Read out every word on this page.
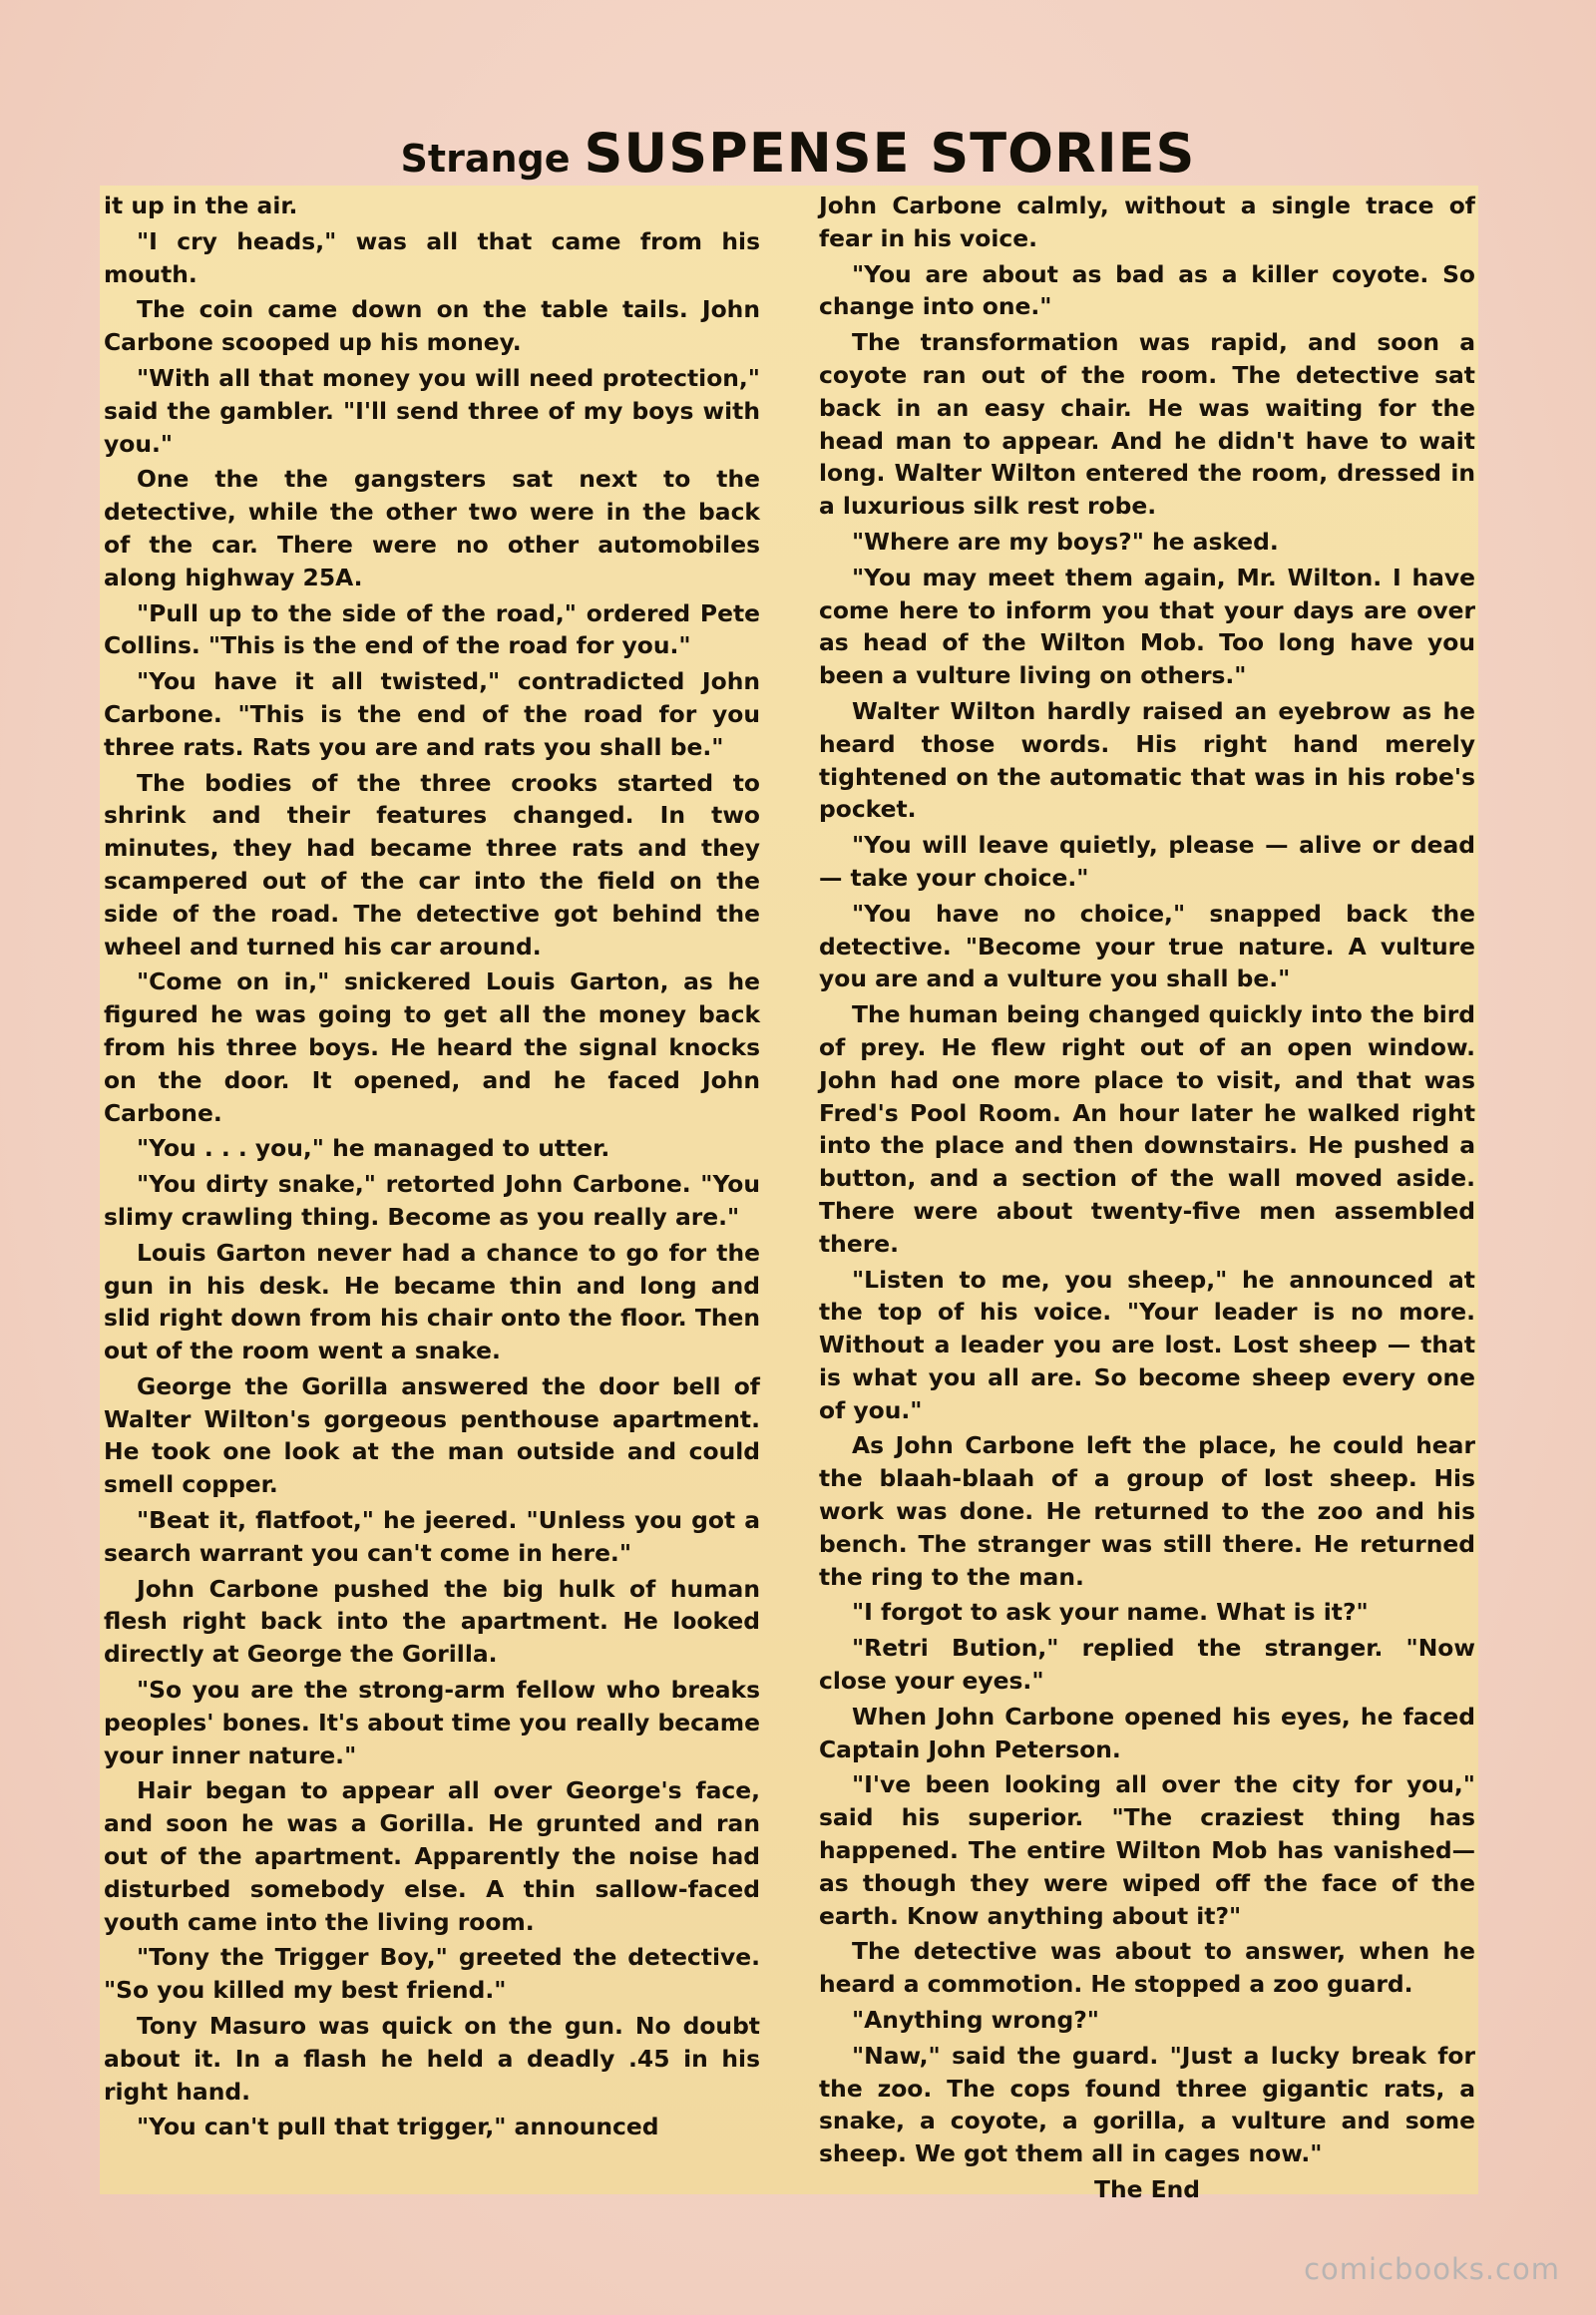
Strange SUSPENSE STORIES

it up in the air.

"I cry heads," was all that came from his mouth.

The coin came down on the table tails. John Carbone scooped up his money.

"With all that money you will need protection," said the gambler. "I'll send three of my boys with you."

One the the gangsters sat next to the detective, while the other two were in the back of the car. There were no other automobiles along highway 25A.

"Pull up to the side of the road," ordered Pete Collins. "This is the end of the road for you."

"You have it all twisted," contradicted John Carbone. "This is the end of the road for you three rats. Rats you are and rats you shall be."

The bodies of the three crooks started to shrink and their features changed. In two minutes, they had became three rats and they scampered out of the car into the field on the side of the road. The detective got behind the wheel and turned his car around.

"Come on in," snickered Louis Garton, as he figured he was going to get all the money back from his three boys. He heard the signal knocks on the door. It opened, and he faced John Carbone.

"You . . . you," he managed to utter.

"You dirty snake," retorted John Carbone. "You slimy crawling thing. Become as you really are."

Louis Garton never had a chance to go for the gun in his desk. He became thin and long and slid right down from his chair onto the floor. Then out of the room went a snake.

George the Gorilla answered the door bell of Walter Wilton's gorgeous penthouse apartment. He took one look at the man outside and could smell copper.

"Beat it, flatfoot," he jeered. "Unless you got a search warrant you can't come in here."

John Carbone pushed the big hulk of human flesh right back into the apartment. He looked directly at George the Gorilla.

"So you are the strong-arm fellow who breaks peoples' bones. It's about time you really became your inner nature."

Hair began to appear all over George's face, and soon he was a Gorilla. He grunted and ran out of the apartment. Apparently the noise had disturbed somebody else. A thin sallow-faced youth came into the living room.

"Tony the Trigger Boy," greeted the detective. "So you killed my best friend."

Tony Masuro was quick on the gun. No doubt about it. In a flash he held a deadly .45 in his right hand.

"You can't pull that trigger," announced

John Carbone calmly, without a single trace of fear in his voice.

"You are about as bad as a killer coyote. So change into one."

The transformation was rapid, and soon a coyote ran out of the room. The detective sat back in an easy chair. He was waiting for the head man to appear. And he didn't have to wait long. Walter Wilton entered the room, dressed in a luxurious silk rest robe.

"Where are my boys?" he asked.

"You may meet them again, Mr. Wilton. I have come here to inform you that your days are over as head of the Wilton Mob. Too long have you been a vulture living on others."

Walter Wilton hardly raised an eyebrow as he heard those words. His right hand merely tightened on the automatic that was in his robe's pocket.

"You will leave quietly, please — alive or dead — take your choice."

"You have no choice," snapped back the detective. "Become your true nature. A vulture you are and a vulture you shall be."

The human being changed quickly into the bird of prey. He flew right out of an open window. John had one more place to visit, and that was Fred's Pool Room. An hour later he walked right into the place and then downstairs. He pushed a button, and a section of the wall moved aside. There were about twenty-five men assembled there.

"Listen to me, you sheep," he announced at the top of his voice. "Your leader is no more. Without a leader you are lost. Lost sheep — that is what you all are. So become sheep every one of you."

As John Carbone left the place, he could hear the blaah-blaah of a group of lost sheep. His work was done. He returned to the zoo and his bench. The stranger was still there. He returned the ring to the man.

"I forgot to ask your name. What is it?"

"Retri Bution," replied the stranger. "Now close your eyes."

When John Carbone opened his eyes, he faced Captain John Peterson.

"I've been looking all over the city for you," said his superior. "The craziest thing has happened. The entire Wilton Mob has vanished— as though they were wiped off the face of the earth. Know anything about it?"

The detective was about to answer, when he heard a commotion. He stopped a zoo guard.

"Anything wrong?"

"Naw," said the guard. "Just a lucky break for the zoo. The cops found three gigantic rats, a snake, a coyote, a gorilla, a vulture and some sheep. We got them all in cages now."

The End

comicbooks.com
